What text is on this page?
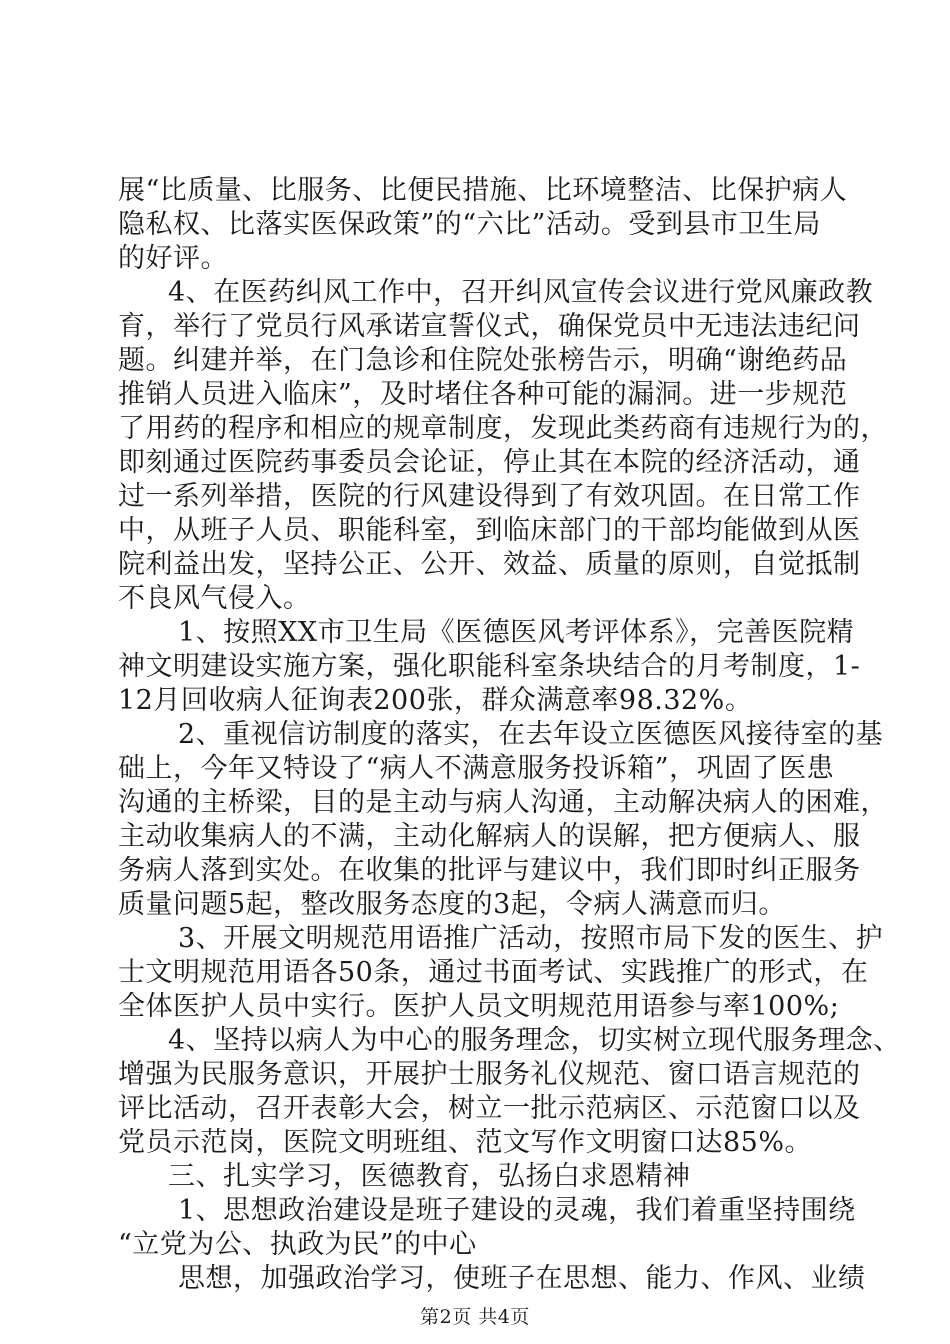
展“比质量、比服务、比便民措施、比环境整洁、比保护病人
隐私权、比落实医保政策”的“六比”活动。受到县市卫生局
的好评。
4、在医药纠风工作中，召开纠风宣传会议进行党风廉政教
育，举行了党员行风承诺宣誓仪式，确保党员中无违法违纪问
题。纠建并举，在门急诊和住院处张榜告示，明确“谢绝药品
推销人员进入临床”，及时堵住各种可能的漏洞。进一步规范
了用药的程序和相应的规章制度，发现此类药商有违规行为的，
即刻通过医院药事委员会论证，停止其在本院的经济活动，通
过一系列举措，医院的行风建设得到了有效巩固。在日常工作
中，从班子人员、职能科室，到临床部门的干部均能做到从医
院利益出发，坚持公正、公开、效益、质量的原则，自觉抵制
不良风气侵入。
1、按照XX市卫生局《医德医风考评体系》，完善医院精
神文明建设实施方案，强化职能科室条块结合的月考制度，1-
12月回收病人征询表200张，群众满意率98.32%。
2、重视信访制度的落实，在去年设立医德医风接待室的基
础上，今年又特设了“病人不满意服务投诉箱”，巩固了医患
沟通的主桥梁，目的是主动与病人沟通，主动解决病人的困难，
主动收集病人的不满，主动化解病人的误解，把方便病人、服
务病人落到实处。在收集的批评与建议中，我们即时纠正服务
质量问题5起，整改服务态度的3起，令病人满意而归。
3、开展文明规范用语推广活动，按照市局下发的医生、护
士文明规范用语各50条，通过书面考试、实践推广的形式，在
全体医护人员中实行。医护人员文明规范用语参与率100%;
4、坚持以病人为中心的服务理念，切实树立现代服务理念、
增强为民服务意识，开展护士服务礼仪规范、窗口语言规范的
评比活动，召开表彰大会，树立一批示范病区、示范窗口以及
党员示范岗，医院文明班组、范文写作文明窗口达85%。
三、扎实学习，医德教育，弘扬白求恩精神
1、思想政治建设是班子建设的灵魂，我们着重坚持围绕
“立党为公、执政为民”的中心
思想，加强政治学习，使班子在思想、能力、作风、业绩
第2页 共4页
